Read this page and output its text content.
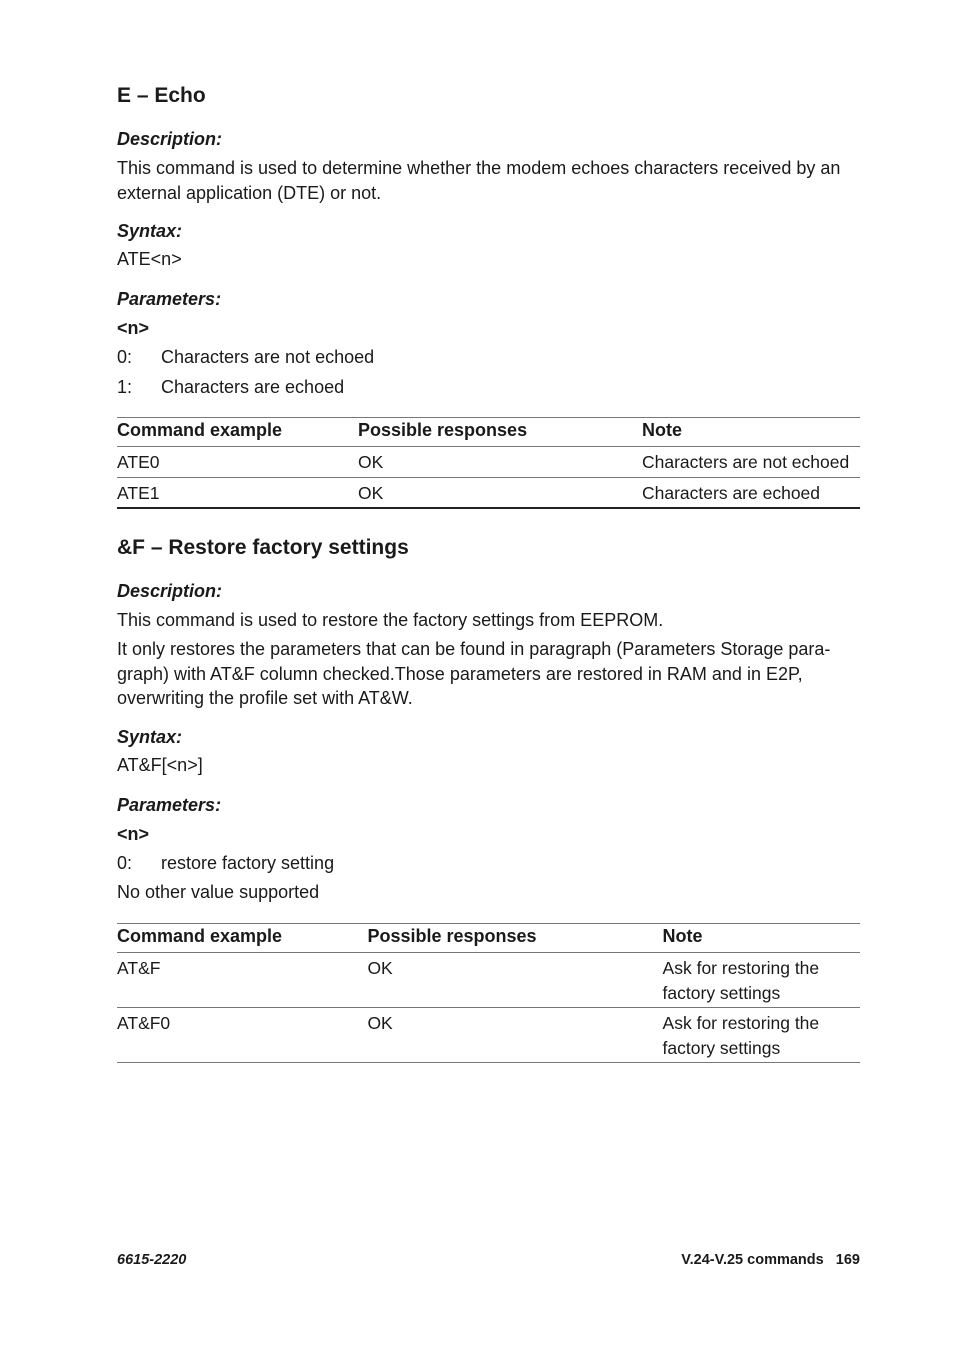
E – Echo
Description:
This command is used to determine whether the modem echoes characters received by an external application (DTE) or not.
Syntax:
ATE<n>
Parameters:
<n>
0: Characters are not echoed
1: Characters are echoed
Command example	Possible responses	Note
ATE0	OK	Characters are not echoed
ATE1	OK	Characters are echoed
&F – Restore factory settings
Description:
This command is used to restore the factory settings from EEPROM.
It only restores the parameters that can be found in paragraph (Parameters Storage para-graph) with AT&F column checked.Those parameters are restored in RAM and in E2P, overwriting the profile set with AT&W.
Syntax:
AT&F[<n>]
Parameters:
<n>
0: restore factory setting
No other value supported
Command example	Possible responses	Note
AT&F	OK	Ask for restoring the factory settings
AT&F0	OK	Ask for restoring the factory settings
6615-2220	V.24-V.25 commands 169
